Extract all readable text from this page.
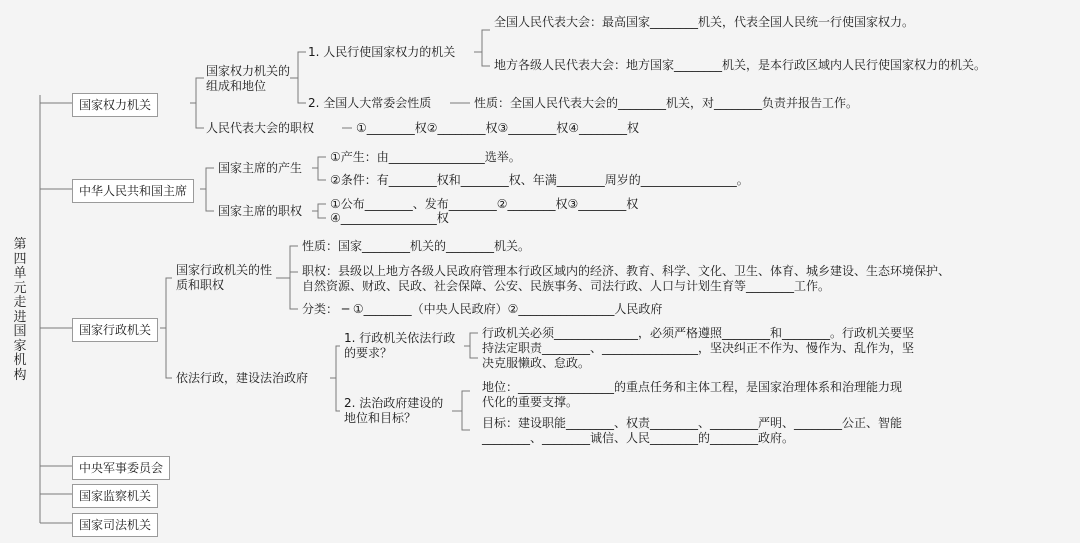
第四单元走进国家机构
国家权力机关
中华人民共和国主席
国家行政机关
中央军事委员会
国家监察机关
国家司法机关
国家权力机关的组成和地位
1. 人民行使国家权力的机关
全国人民代表大会：最高国家________机关，代表全国人民统一行使国家权力。
地方各级人民代表大会：地方国家________机关，是本行政区域内人民行使国家权力的机关。
2. 全国人大常委会性质	性质：全国人民代表大会的________机关，对________负责并报告工作。
人民代表大会的职权	①________权②________权③________权④________权
国家主席的产生
①产生：由________________选举。
②条件：有________权和________权、年满________周岁的________________。
国家主席的职权 ①公布________、发布________②________权③________权
④________________权
国家行政机关的性质和职权
性质：国家________机关的________机关。
职权：县级以上地方各级人民政府管理本行政区域内的经济、教育、科学、文化、卫生、体育、城乡建设、生态环境保护、自然资源、财政、民政、社会保障、公安、民族事务、司法行政、人口与计划生育等________工作。
分类： ─ ①________（中央人民政府）②________________人民政府
依法行政，建设法治政府
1. 行政机关依法行政的要求？
行政机关必须______________，必须严格遵照________和________。行政机关要坚持法定职责________、________________，坚决纠正不作为、慢作为、乱作为，坚决克服懒政、怠政。
2. 法治政府建设的地位和目标？
地位：________________的重点任务和主体工程，是国家治理体系和治理能力现代化的重要支撑。
目标：建设职能________、权责________、________严明、________公正、智能________、________诚信、人民________的________政府。
